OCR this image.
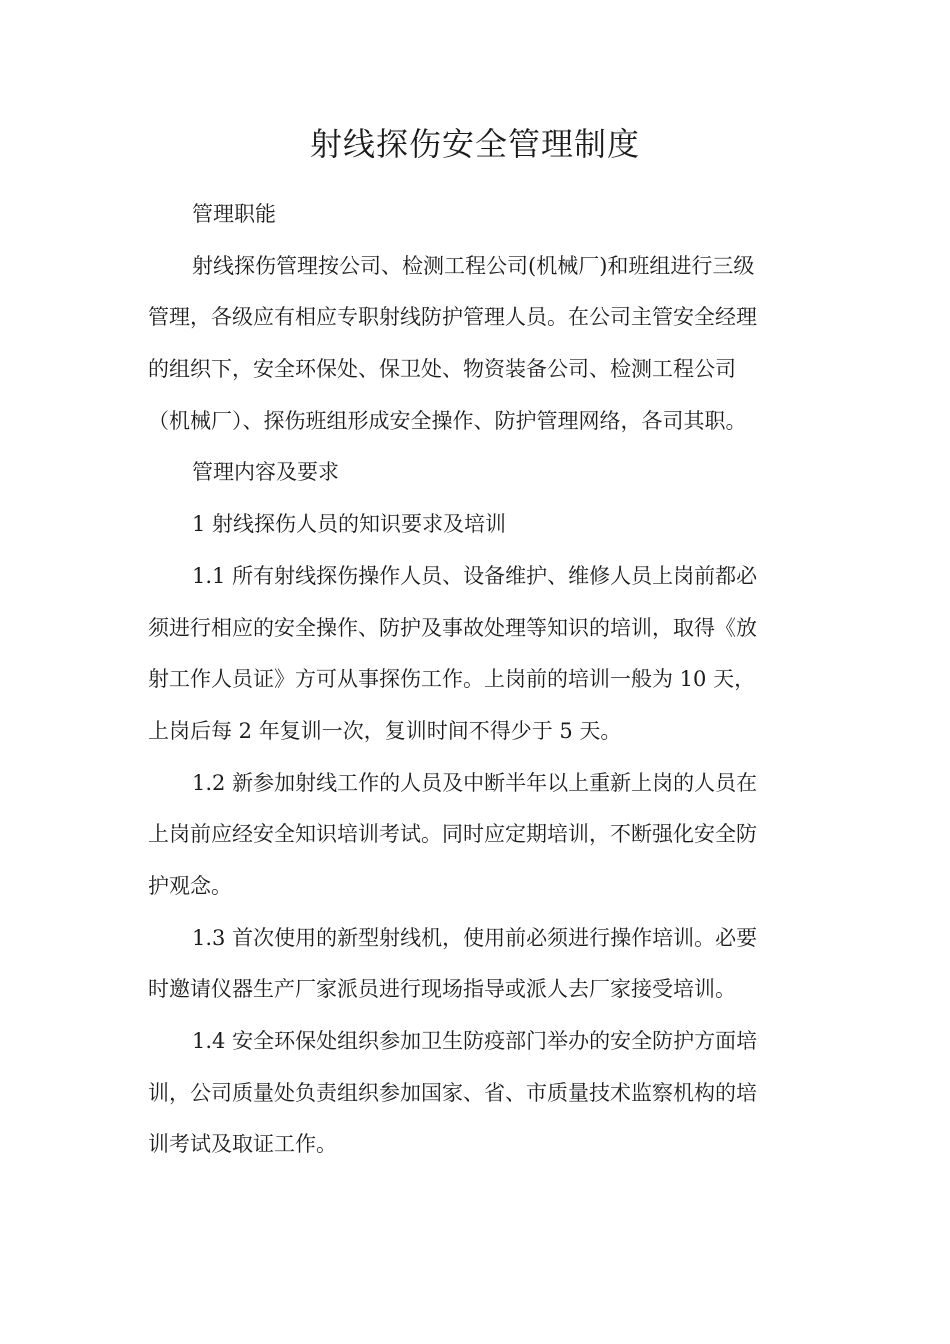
射线探伤安全管理制度
管理职能
射线探伤管理按公司、检测工程公司(机械厂)和班组进行三级
管理，各级应有相应专职射线防护管理人员。在公司主管安全经理
的组织下，安全环保处、保卫处、物资装备公司、检测工程公司
（机械厂）、探伤班组形成安全操作、防护管理网络，各司其职。
管理内容及要求
1 射线探伤人员的知识要求及培训
1.1 所有射线探伤操作人员、设备维护、维修人员上岗前都必
须进行相应的安全操作、防护及事故处理等知识的培训，取得《放
射工作人员证》方可从事探伤工作。上岗前的培训一般为 10 天，
上岗后每 2 年复训一次，复训时间不得少于 5 天。
1.2 新参加射线工作的人员及中断半年以上重新上岗的人员在
上岗前应经安全知识培训考试。同时应定期培训，不断强化安全防
护观念。
1.3 首次使用的新型射线机，使用前必须进行操作培训。必要
时邀请仪器生产厂家派员进行现场指导或派人去厂家接受培训。
1.4 安全环保处组织参加卫生防疫部门举办的安全防护方面培
训，公司质量处负责组织参加国家、省、市质量技术监察机构的培
训考试及取证工作。
